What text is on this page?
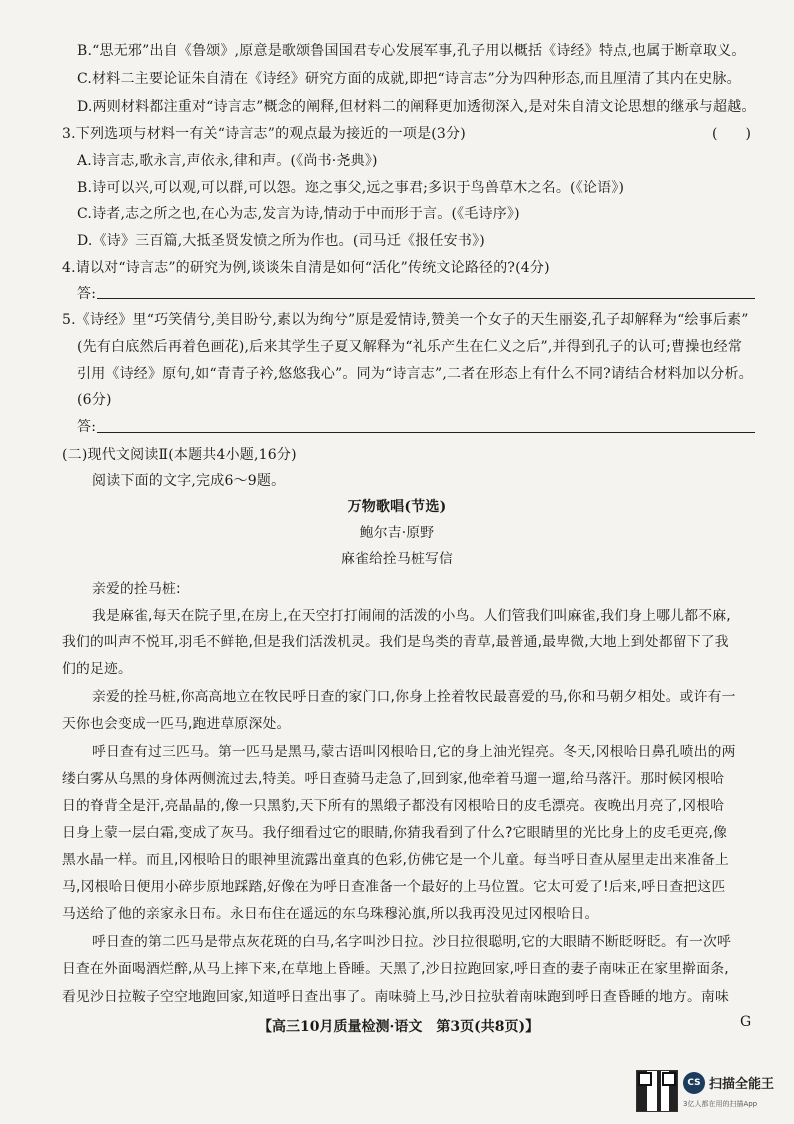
B.“思无邪”出自《鲁颂》,原意是歌颂鲁国国君专心发展军事,孔子用以概括《诗经》特点,也属于断章取义。
C.材料二主要论证朱自清在《诗经》研究方面的成就,即把“诗言志”分为四种形态,而且厘清了其内在史脉。
D.两则材料都注重对“诗言志”概念的阐释,但材料二的阐释更加透彻深入,是对朱自清文论思想的继承与超越。
3.下列选项与材料一有关“诗言志”的观点最为接近的一项是(3分)	(　　)
A.诗言志,歌永言,声依永,律和声。(《尚书·尧典》)
B.诗可以兴,可以观,可以群,可以怨。迩之事父,远之事君;多识于鸟兽草木之名。(《论语》)
C.诗者,志之所之也,在心为志,发言为诗,情动于中而形于言。(《毛诗序》)
D.《诗》三百篇,大抵圣贤发愤之所为作也。(司马迁《报任安书》)
4.请以对“诗言志”的研究为例,谈谈朱自清是如何“活化”传统文论路径的?(4分)
答:
5.《诗经》里“巧笑倩兮,美目盼兮,素以为绚兮”原是爱情诗,赞美一个女子的天生丽姿,孔子却解释为“绘事后素”
(先有白底然后再着色画花),后来其学生子夏又解释为“礼乐产生在仁义之后”,并得到孔子的认可;曹操也经常
引用《诗经》原句,如“青青子衿,悠悠我心”。同为“诗言志”,二者在形态上有什么不同?请结合材料加以分析。
(6分)
答:
(二)现代文阅读Ⅱ(本题共4小题,16分)
阅读下面的文字,完成6～9题。
万物歌唱(节选)
鲍尔吉·原野
麻雀给拴马桩写信
亲爱的拴马桩:
我是麻雀,每天在院子里,在房上,在天空打打闹闹的活泼的小鸟。人们管我们叫麻雀,我们身上哪儿都不麻,
我们的叫声不悦耳,羽毛不鲜艳,但是我们活泼机灵。我们是鸟类的青草,最普通,最卑微,大地上到处都留下了我
们的足迹。
亲爱的拴马桩,你高高地立在牧民呼日查的家门口,你身上拴着牧民最喜爱的马,你和马朝夕相处。或许有一
天你也会变成一匹马,跑进草原深处。
呼日查有过三匹马。第一匹马是黑马,蒙古语叫冈根哈日,它的身上油光锃亮。冬天,冈根哈日鼻孔喷出的两
缕白雾从乌黑的身体两侧流过去,特美。呼日查骑马走急了,回到家,他牵着马遛一遛,给马落汗。那时候冈根哈
日的脊背全是汗,亮晶晶的,像一只黑豹,天下所有的黑缎子都没有冈根哈日的皮毛漂亮。夜晚出月亮了,冈根哈
日身上蒙一层白霜,变成了灰马。我仔细看过它的眼睛,你猜我看到了什么?它眼睛里的光比身上的皮毛更亮,像
黑水晶一样。而且,冈根哈日的眼神里流露出童真的色彩,仿佛它是一个儿童。每当呼日查从屋里走出来准备上
马,冈根哈日便用小碎步原地踩踏,好像在为呼日查准备一个最好的上马位置。它太可爱了!后来,呼日查把这匹
马送给了他的亲家永日布。永日布住在遥远的东乌珠穆沁旗,所以我再没见过冈根哈日。
呼日查的第二匹马是带点灰花斑的白马,名字叫沙日拉。沙日拉很聪明,它的大眼睛不断眨呀眨。有一次呼
日查在外面喝酒烂醉,从马上摔下来,在草地上昏睡。天黑了,沙日拉跑回家,呼日查的妻子南味正在家里擀面条,
看见沙日拉鞍子空空地跑回家,知道呼日查出事了。南味骑上马,沙日拉驮着南味跑到呼日查昏睡的地方。南味
【高三10月质量检测·语文　第3页(共8页)】	G
CS 扫描全能王
3亿人都在用的扫描App
